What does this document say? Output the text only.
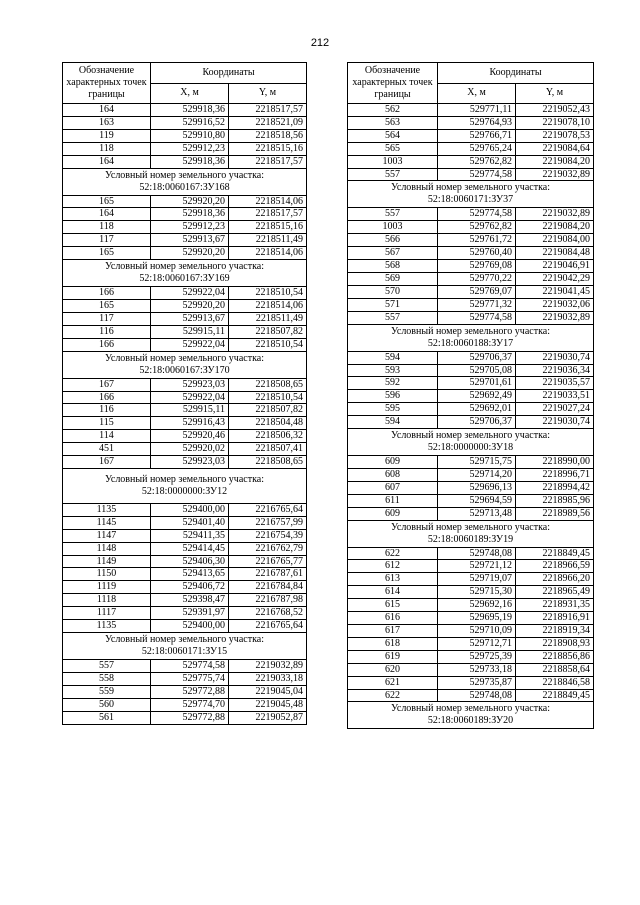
212
Обозначение характерных точек границы	Координаты	
	X, м	Y, м
164	529918,36	2218517,57
163	529916,52	2218521,09
119	529910,80	2218518,56
118	529912,23	2218515,16
164	529918,36	2218517,57
Условный номер земельного участка: 52:18:0060167:ЗУ168		
165	529920,20	2218514,06
164	529918,36	2218517,57
118	529912,23	2218515,16
117	529913,67	2218511,49
165	529920,20	2218514,06
Условный номер земельного участка: 52:18:0060167:ЗУ169		
166	529922,04	2218510,54
165	529920,20	2218514,06
117	529913,67	2218511,49
116	529915,11	2218507,82
166	529922,04	2218510,54
Условный номер земельного участка: 52:18:0060167:ЗУ170		
167	529923,03	2218508,65
166	529922,04	2218510,54
116	529915,11	2218507,82
115	529916,43	2218504,48
114	529920,46	2218506,32
451	529920,02	2218507,41
167	529923,03	2218508,65
Условный номер земельного участка: 52:18:0000000:ЗУ12		
1135	529400,00	2216765,64
1145	529401,40	2216757,99
1147	529411,35	2216754,39
1148	529414,45	2216762,79
1149	529406,30	2216765,77
1150	529413,65	2216787,61
1119	529406,72	2216784,84
1118	529398,47	2216787,98
1117	529391,97	2216768,52
1135	529400,00	2216765,64
Условный номер земельного участка: 52:18:0060171:ЗУ15		
557	529774,58	2219032,89
558	529775,74	2219033,18
559	529772,88	2219045,04
560	529774,70	2219045,48
561	529772,88	2219052,87
Обозначение характерных точек границы	Координаты	
	X, м	Y, м
562	529771,11	2219052,43
563	529764,93	2219078,10
564	529766,71	2219078,53
565	529765,24	2219084,64
1003	529762,82	2219084,20
557	529774,58	2219032,89
Условный номер земельного участка: 52:18:0060171:ЗУ37		
557	529774,58	2219032,89
1003	529762,82	2219084,20
566	529761,72	2219084,00
567	529760,40	2219084,48
568	529769,08	2219046,91
569	529770,22	2219042,29
570	529769,07	2219041,45
571	529771,32	2219032,06
557	529774,58	2219032,89
Условный номер земельного участка: 52:18:0060188:ЗУ17		
594	529706,37	2219030,74
593	529705,08	2219036,34
592	529701,61	2219035,57
596	529692,49	2219033,51
595	529692,01	2219027,24
594	529706,37	2219030,74
Условный номер земельного участка: 52:18:0000000:ЗУ18		
609	529715,75	2218990,00
608	529714,20	2218996,71
607	529696,13	2218994,42
611	529694,59	2218985,96
609	529713,48	2218989,56
Условный номер земельного участка: 52:18:0060189:ЗУ19		
622	529748,08	2218849,45
612	529721,12	2218966,59
613	529719,07	2218966,20
614	529715,30	2218965,49
615	529692,16	2218931,35
616	529695,19	2218916,91
617	529710,09	2218919,34
618	529712,71	2218908,93
619	529725,39	2218856,86
620	529733,18	2218858,64
621	529735,87	2218846,58
622	529748,08	2218849,45
Условный номер земельного участка: 52:18:0060189:ЗУ20		
